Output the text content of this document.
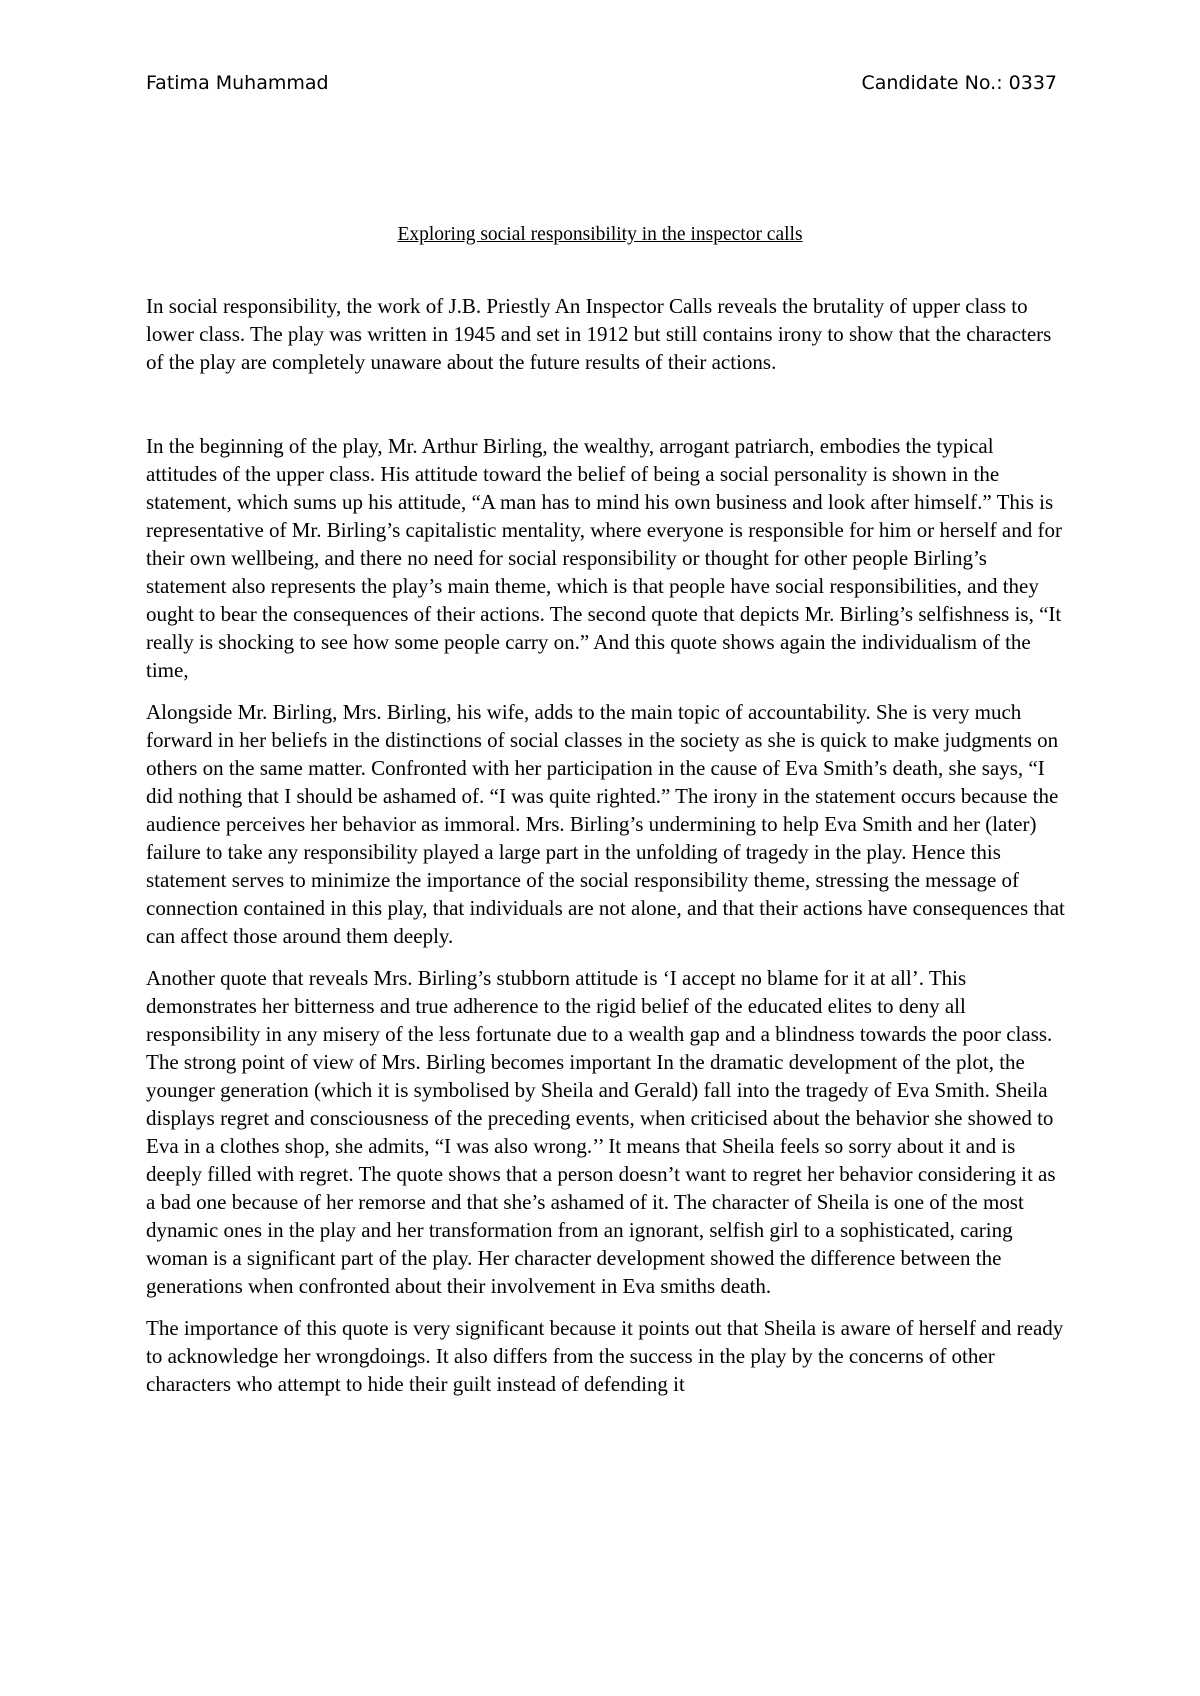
Fatima Muhammad	Candidate No.: 0337
Exploring social responsibility in the inspector calls

In social responsibility, the work of J.B. Priestly An Inspector Calls reveals the brutality of upper class to lower class. The play was written in 1945 and set in 1912 but still contains irony to show that the characters of the play are completely unaware about the future results of their actions.

In the beginning of the play, Mr. Arthur Birling, the wealthy, arrogant patriarch, embodies the typical attitudes of the upper class. His attitude toward the belief of being a social personality is shown in the statement, which sums up his attitude, “A man has to mind his own business and look after himself.” This is representative of Mr. Birling’s capitalistic mentality, where everyone is responsible for him or herself and for their own wellbeing, and there no need for social responsibility or thought for other people Birling’s statement also represents the play’s main theme, which is that people have social responsibilities, and they ought to bear the consequences of their actions. The second quote that depicts Mr. Birling’s selfishness is, “It really is shocking to see how some people carry on.” And this quote shows again the individualism of the time,

Alongside Mr. Birling, Mrs. Birling, his wife, adds to the main topic of accountability. She is very much forward in her beliefs in the distinctions of social classes in the society as she is quick to make judgments on others on the same matter. Confronted with her participation in the cause of Eva Smith’s death, she says, “I did nothing that I should be ashamed of. “I was quite righted.” The irony in the statement occurs because the audience perceives her behavior as immoral. Mrs. Birling’s undermining to help Eva Smith and her (later) failure to take any responsibility played a large part in the unfolding of tragedy in the play. Hence this statement serves to minimize the importance of the social responsibility theme, stressing the message of connection contained in this play, that individuals are not alone, and that their actions have consequences that can affect those around them deeply.

Another quote that reveals Mrs. Birling’s stubborn attitude is ‘I accept no blame for it at all’. This demonstrates her bitterness and true adherence to the rigid belief of the educated elites to deny all responsibility in any misery of the less fortunate due to a wealth gap and a blindness towards the poor class. The strong point of view of Mrs. Birling becomes important In the dramatic development of the plot, the younger generation (which it is symbolised by Sheila and Gerald) fall into the tragedy of Eva Smith. Sheila displays regret and consciousness of the preceding events, when criticised about the behavior she showed to Eva in a clothes shop, she admits, “I was also wrong.’’ It means that Sheila feels so sorry about it and is deeply filled with regret. The quote shows that a person doesn’t want to regret her behavior considering it as a bad one because of her remorse and that she’s ashamed of it. The character of Sheila is one of the most dynamic ones in the play and her transformation from an ignorant, selfish girl to a sophisticated, caring woman is a significant part of the play. Her character development showed the difference between the generations when confronted about their involvement in Eva smiths death.

The importance of this quote is very significant because it points out that Sheila is aware of herself and ready to acknowledge her wrongdoings. It also differs from the success in the play by the concerns of other characters who attempt to hide their guilt instead of defending it
